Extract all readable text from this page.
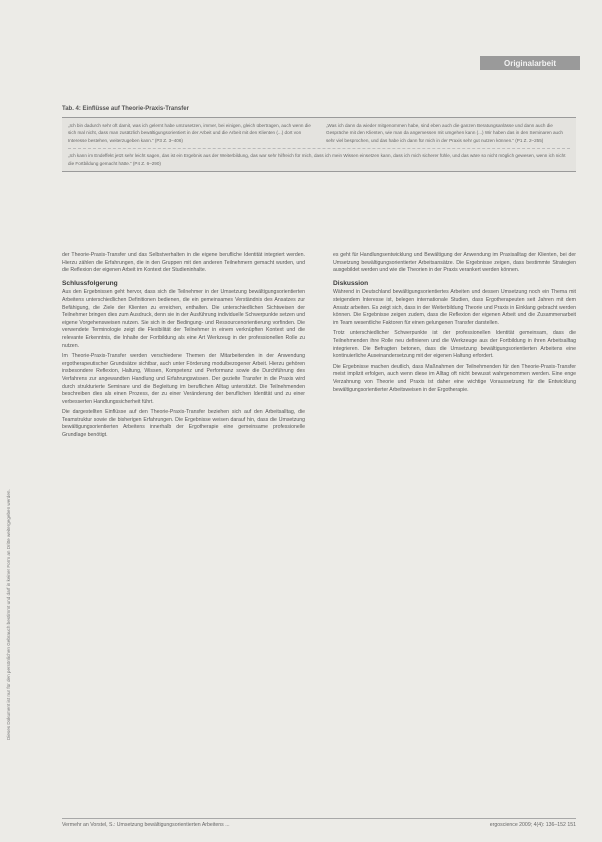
Originalarbeit
Dieses Dokument ist nur für den persönlichen Gebrauch bestimmt und darf in keiner Form an Dritte weitergegeben werden.
Tab. 4: Einflüsse auf Theorie-Praxis-Transfer
„Ich bin dadurch sehr oft damit, was ich gelernt habe umzusetzen, immer, bei einigen, gleich übertragen, auch wenn die sich mal nicht, dass man zusätzlich bewältigungsorientiert in der Arbeit und die Arbeit mit den Klienten (...) dort von Interesse bestehen, weiterzugeben kann.“ (P3 Z. 3–406)
„Was ich dann da wieder mitgenommen habe, sind eben auch die ganzen Beratungsanlässe und dann auch die Gespräche mit den Klienten, wie man da angemessen mit umgehen kann (...) Wir haben das in den Seminaren auch sehr viel besprochen, und das habe ich dann für mich in der Praxis sehr gut nutzen können.“ (P1 Z. 2–255)
„Ich kann im Endeffekt jetzt sehr leicht sagen, das ist ein Ergebnis aus der Weiterbildung, das war sehr hilfreich für mich, dass ich mein Wissen einsetzen kann, dass ich mich sicherer fühle, und das wäre so nicht möglich gewesen, wenn ich nicht die Fortbildung gemacht hätte.“ (P4 Z. 6–290)

der Theorie-Praxis-Transfer und das Selbstverhalten in die eigene berufliche Identität integriert werden. Hierzu zählen die Erfahrungen, die in den Gruppen mit den anderen Teilnehmern gemacht wurden, und die Reflexion der eigenen Arbeit im Kontext der Studieninhalte.

Schlussfolgerung

Aus den Ergebnissen geht hervor, dass sich die Teilnehmer in der Umsetzung bewältigungsorientierten Arbeitens unterschiedlichen Definitionen bedienen, die ein gemeinsames Verständnis des Ansatzes zur Befähigung, die Ziele der Klienten zu erreichen, enthalten. Die unterschiedlichen Sichtweisen der Teilnehmer bringen dies zum Ausdruck, denn sie in der Ausführung individuelle Schwerpunkte setzen und eigene Vorgehensweisen nutzen. Sie sich in der Bedingung- und Ressourcenorientierung vorfinden. Die verwendete Terminologie zeigt die Flexibilität der Teilnehmer in einem verknüpften Kontext und die relevante Erkenntnis, die Inhalte der Fortbildung als eine Art Werkzeug in der professionellen Rolle zu nutzen.

Im Theorie-Praxis-Transfer werden verschiedene Themen der Mitarbeitenden in der Anwendung ergotherapeutischer Grundsätze sichtbar, auch unter Förderung modulbezogener Arbeit. Hierzu gehören insbesondere Reflexion, Haltung, Wissen, Kompetenz und Performanz sowie die Durchführung des Verfahrens zur angewandten Handlung und Erfahrungswissen. Der gezielte Transfer in die Praxis wird durch strukturierte Seminare und die Begleitung im beruflichen Alltag unterstützt. Die Teilnehmenden beschreiben dies als einen Prozess, der zu einer Veränderung der beruflichen Identität und zu einer verbesserten Handlungssicherheit führt.

Die dargestellten Einflüsse auf den Theorie-Praxis-Transfer beziehen sich auf den Arbeitsalltag, die Teamstruktur sowie die bisherigen Erfahrungen. Die Ergebnisse weisen darauf hin, dass die Umsetzung bewältigungsorientierten Arbeitens innerhalb der Ergotherapie eine gemeinsame professionelle Grundlage benötigt.

es geht für Handlungsentwicklung und Bewältigung der Anwendung im Praxisalltag der Klienten, bei der Umsetzung bewältigungsorientierter Arbeitsansätze. Die Ergebnisse zeigen, dass bestimmte Strategien ausgebildet werden und wie die Theorien in der Praxis verankert werden können.

Diskussion

Während in Deutschland bewältigungsorientiertes Arbeiten und dessen Umsetzung noch ein Thema mit steigendem Interesse ist, belegen internationale Studien, dass Ergotherapeuten seit Jahren mit dem Ansatz arbeiten. Es zeigt sich, dass in der Weiterbildung Theorie und Praxis in Einklang gebracht werden können. Die Ergebnisse zeigen zudem, dass die Reflexion der eigenen Arbeit und die Zusammenarbeit im Team wesentliche Faktoren für einen gelungenen Transfer darstellen.

Trotz unterschiedlicher Schwerpunkte ist der professionellen Identität gemeinsam, dass die Teilnehmenden ihre Rolle neu definieren und die Werkzeuge aus der Fortbildung in ihren Arbeitsalltag integrieren. Die Befragten betonen, dass die Umsetzung bewältigungsorientierten Arbeitens eine kontinuierliche Auseinandersetzung mit der eigenen Haltung erfordert.

Die Ergebnisse machen deutlich, dass Maßnahmen der Teilnehmenden für den Theorie-Praxis-Transfer meist implizit erfolgen, auch wenn diese im Alltag oft nicht bewusst wahrgenommen werden. Eine enge Verzahnung von Theorie und Praxis ist daher eine wichtige Voraussetzung für die Entwicklung bewältigungsorientierter Arbeitsweisen in der Ergotherapie.

Vermehr an Vorstel, S.: Umsetzung bewältigungsorientierten Arbeitens ...	ergoscience 2009; 4(4): 136–152 151
